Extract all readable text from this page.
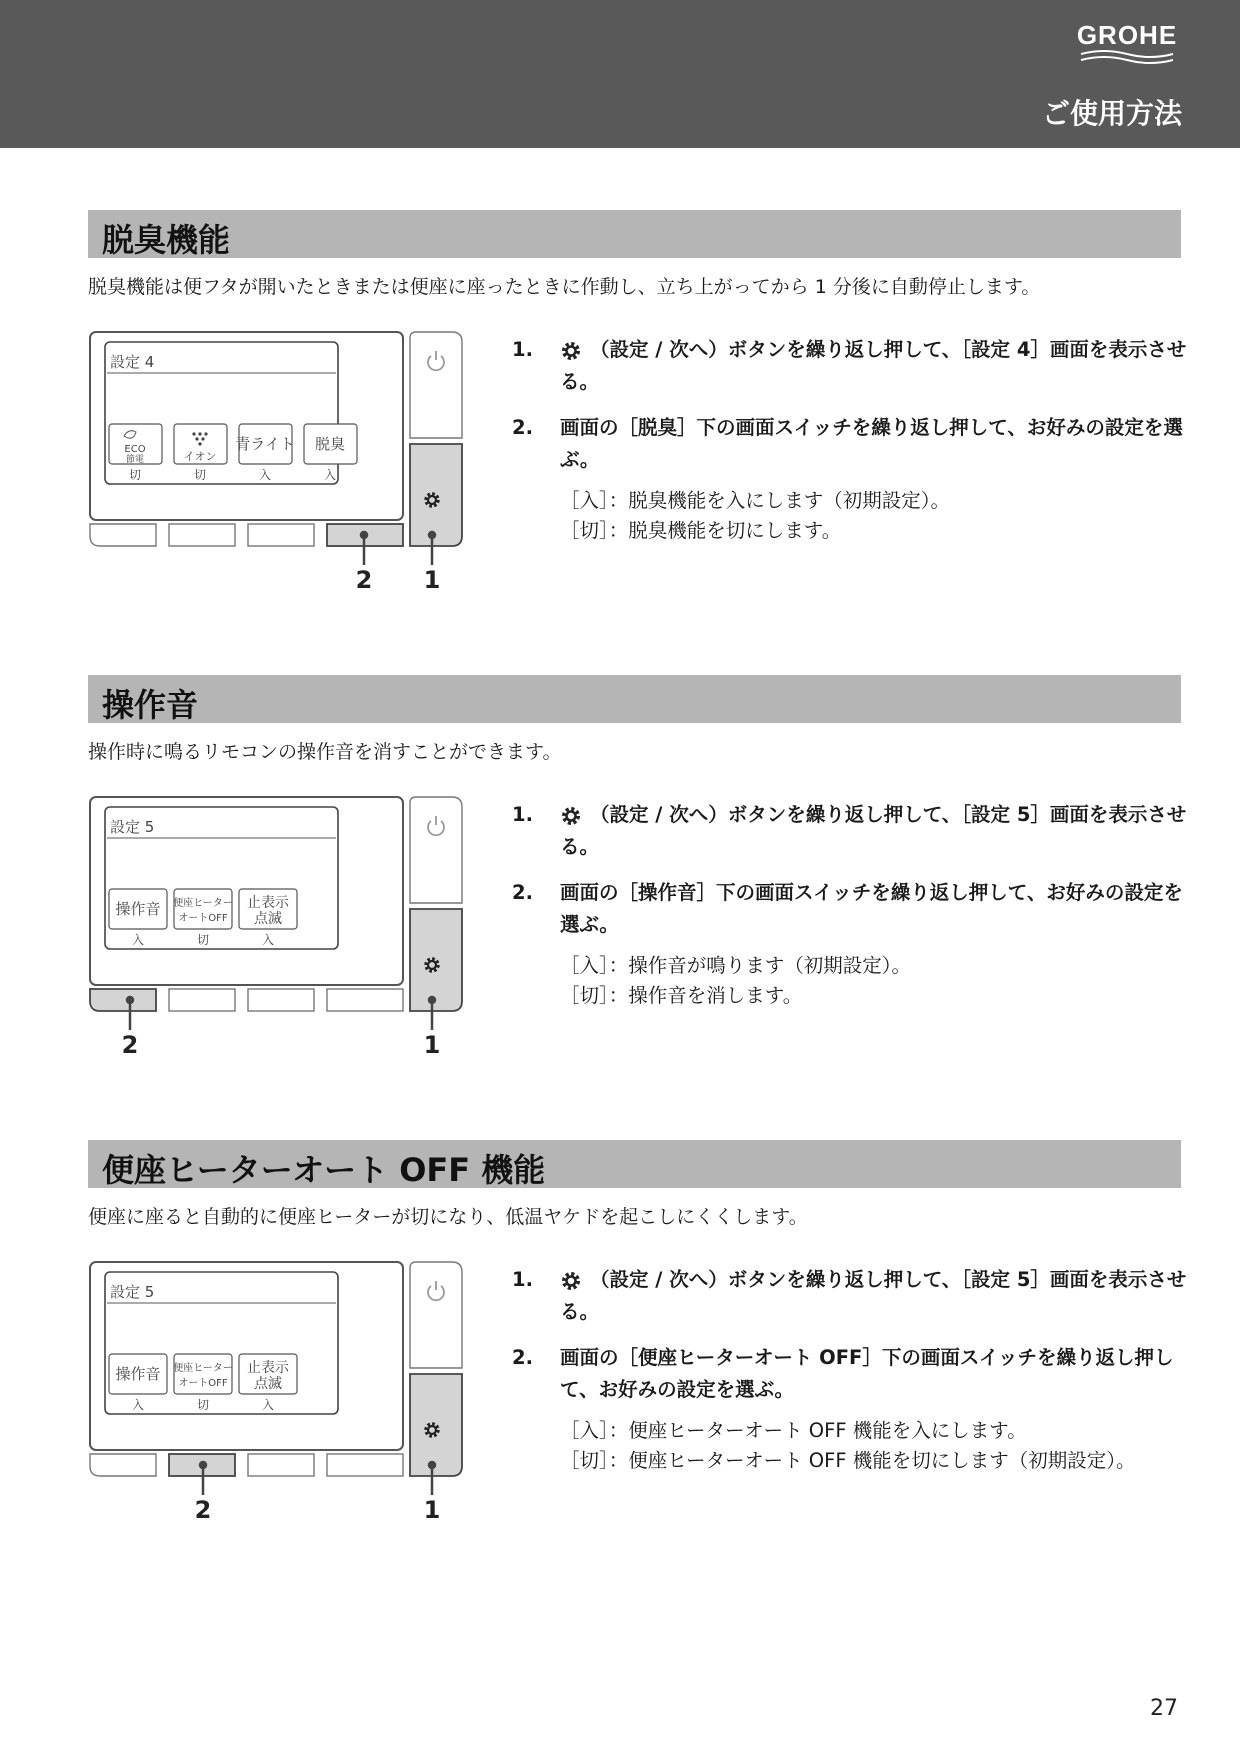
GROHE
ご使用方法
脱臭機能
脱臭機能は便フタが開いたときまたは便座に座ったときに作動し、立ち上がってから 1 分後に自動停止します。
設定 4
ECO
節電	イオン
青ライト 脱臭
切	切	入	入
2 1
1.	（設定 / 次へ）ボタンを繰り返し押して、［設定 4］画面を表示させる。
2. 画面の［脱臭］下の画面スイッチを繰り返し押して、お好みの設定を選ぶ。
［入］：脱臭機能を入にします（初期設定）。
［切］：脱臭機能を切にします。
操作音
操作時に鳴るリモコンの操作音を消すことができます。
設定 5
操作音 便座ヒーター
オートOFF
止表示
点滅
入	切	入
2	1
1.	（設定 / 次へ）ボタンを繰り返し押して、［設定 5］画面を表示させる。
2. 画面の［操作音］下の画面スイッチを繰り返し押して、お好みの設定を選ぶ。
［入］：操作音が鳴ります（初期設定）。
［切］：操作音を消します。
便座ヒーターオート OFF 機能
便座に座ると自動的に便座ヒーターが切になり、低温ヤケドを起こしにくくします。
設定 5
操作音 便座ヒーター
オートOFF
止表示
点滅
入	切	入
2	1
1.	（設定 / 次へ）ボタンを繰り返し押して、［設定 5］画面を表示させる。
2. 画面の［便座ヒーターオート OFF］下の画面スイッチを繰り返し押して、お好みの設定を選ぶ。
［入］：便座ヒーターオート OFF 機能を入にします。
［切］：便座ヒーターオート OFF 機能を切にします（初期設定）。
27
